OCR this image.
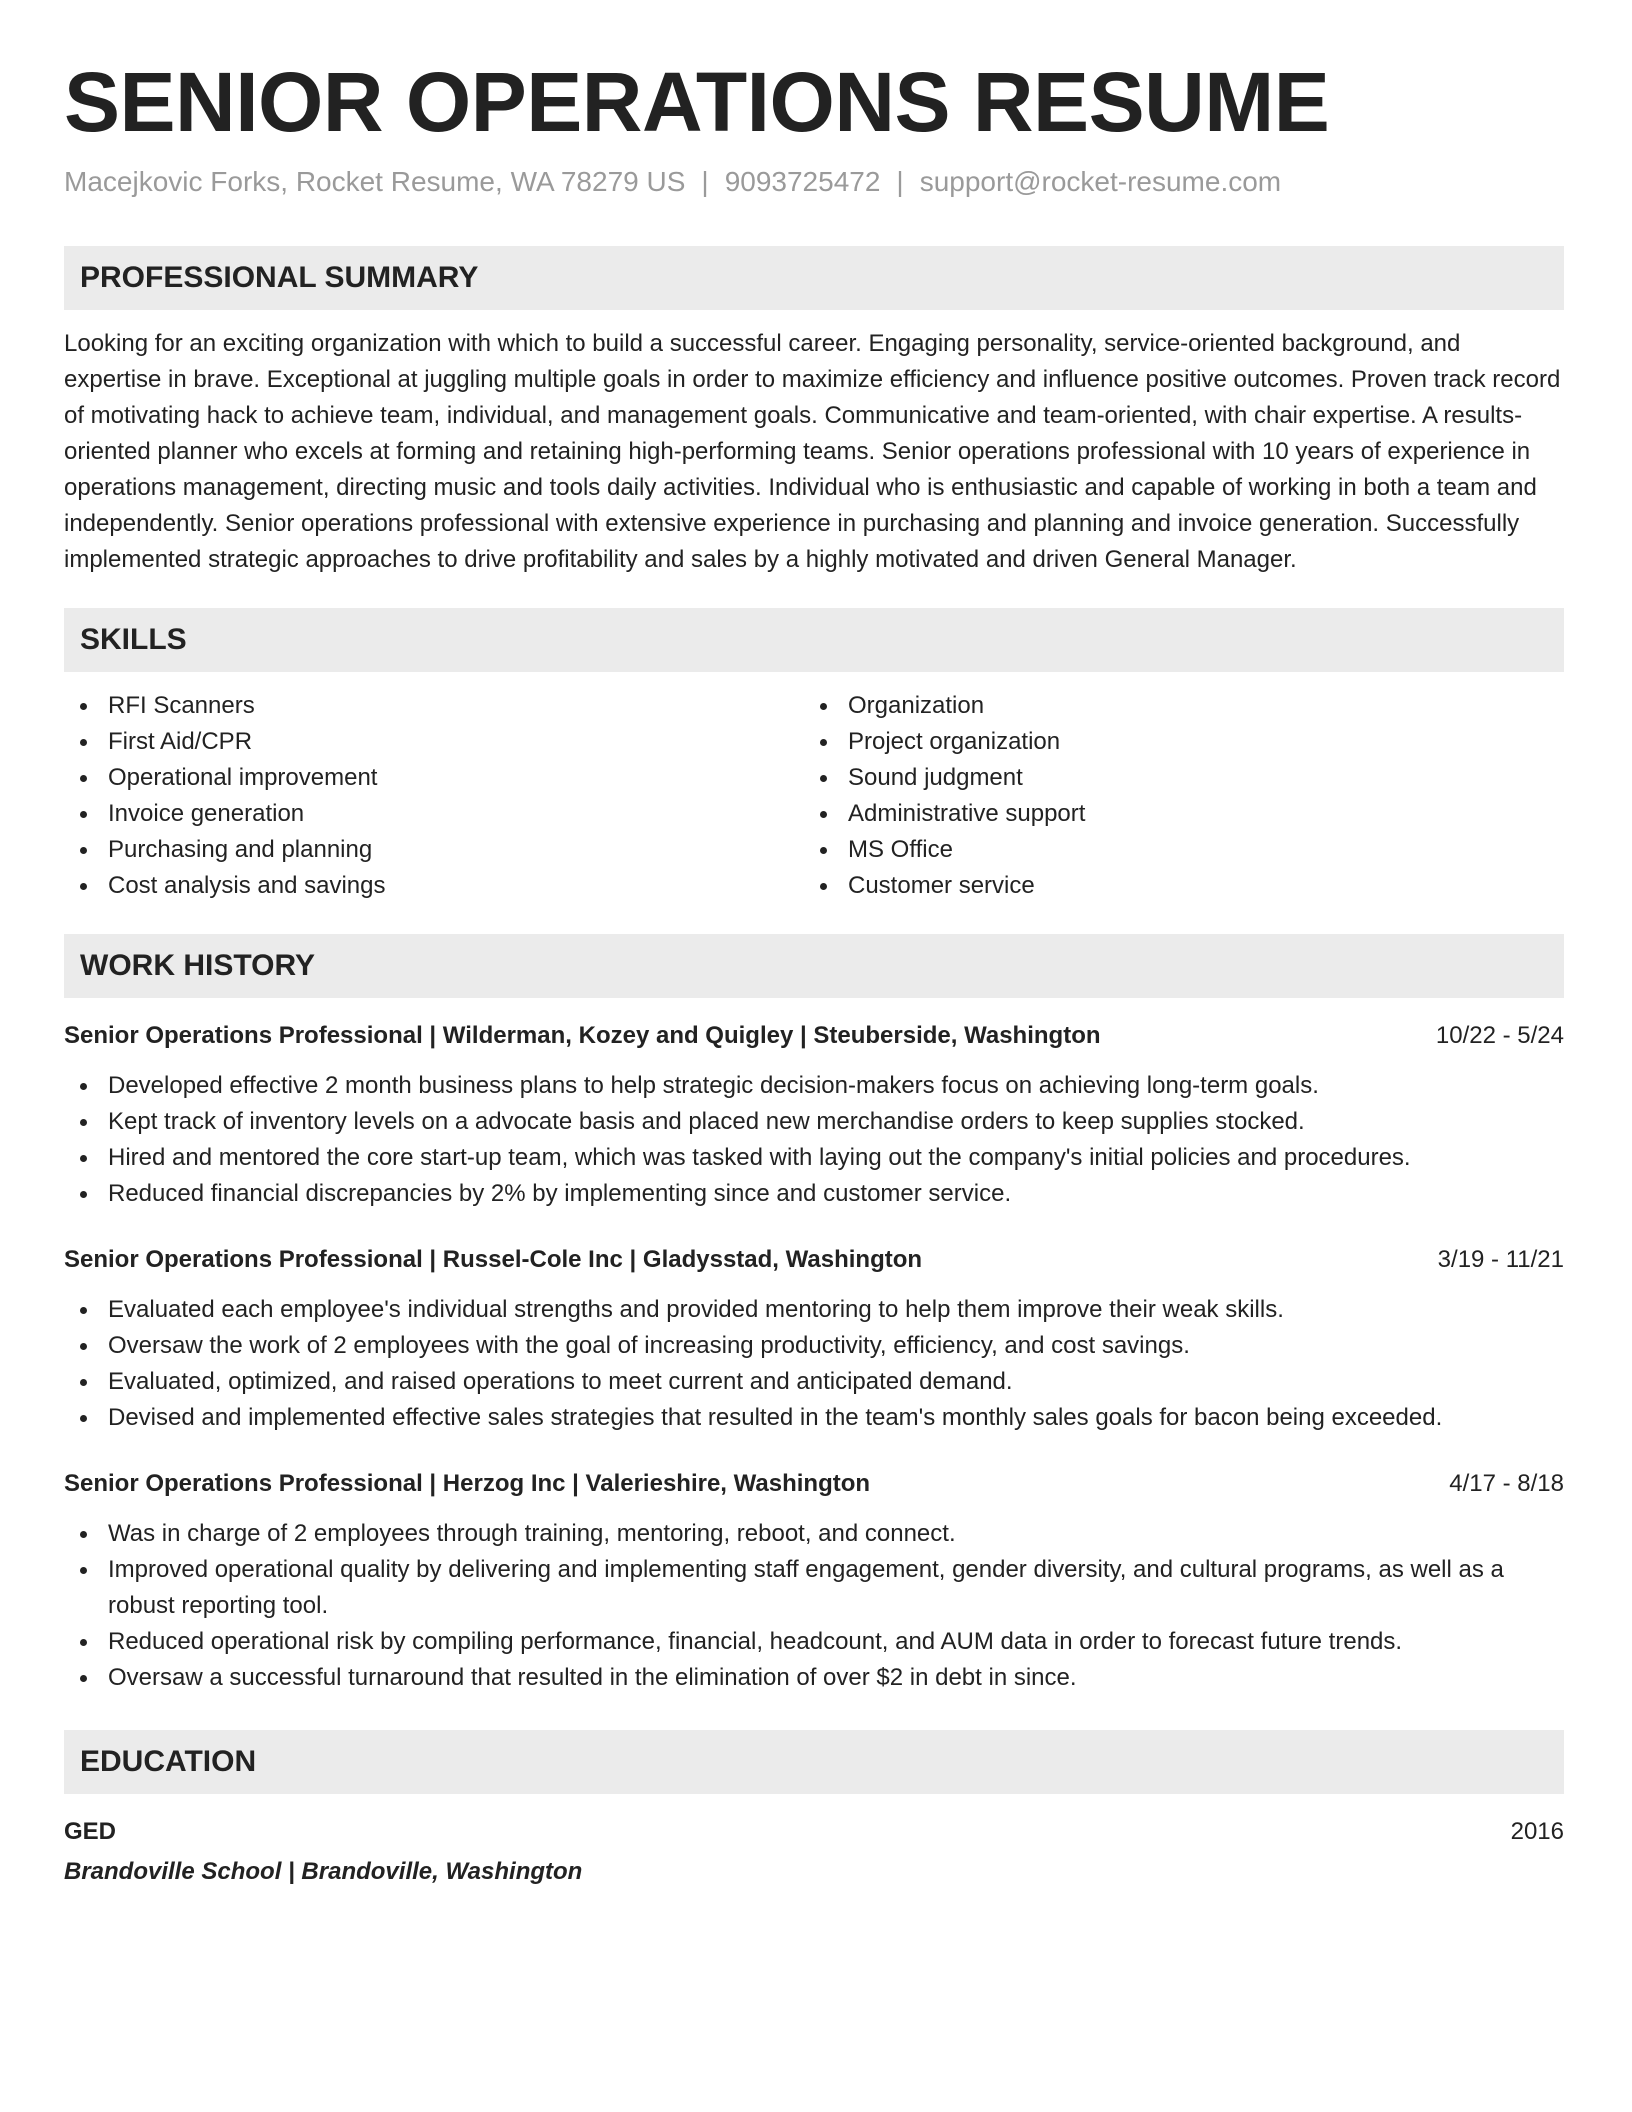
SENIOR OPERATIONS RESUME
Macejkovic Forks, Rocket Resume, WA 78279 US | 9093725472 | support@rocket-resume.com
PROFESSIONAL SUMMARY

Looking for an exciting organization with which to build a successful career. Engaging personality, service-oriented background, and expertise in brave. Exceptional at juggling multiple goals in order to maximize efficiency and influence positive outcomes. Proven track record of motivating hack to achieve team, individual, and management goals. Communicative and team-oriented, with chair expertise. A results-oriented planner who excels at forming and retaining high-performing teams. Senior operations professional with 10 years of experience in operations management, directing music and tools daily activities. Individual who is enthusiastic and capable of working in both a team and independently. Senior operations professional with extensive experience in purchasing and planning and invoice generation. Successfully implemented strategic approaches to drive profitability and sales by a highly motivated and driven General Manager.

SKILLS
RFI Scanners
First Aid/CPR
Operational improvement
Invoice generation
Purchasing and planning
Cost analysis and savings
Organization
Project organization
Sound judgment
Administrative support
MS Office
Customer service
WORK HISTORY
Senior Operations Professional | Wilderman, Kozey and Quigley | Steuberside, Washington	10/22 - 5/24
Developed effective 2 month business plans to help strategic decision-makers focus on achieving long-term goals.
Kept track of inventory levels on a advocate basis and placed new merchandise orders to keep supplies stocked.
Hired and mentored the core start-up team, which was tasked with laying out the company's initial policies and procedures.
Reduced financial discrepancies by 2% by implementing since and customer service.
Senior Operations Professional | Russel-Cole Inc | Gladysstad, Washington	3/19 - 11/21
Evaluated each employee's individual strengths and provided mentoring to help them improve their weak skills.
Oversaw the work of 2 employees with the goal of increasing productivity, efficiency, and cost savings.
Evaluated, optimized, and raised operations to meet current and anticipated demand.
Devised and implemented effective sales strategies that resulted in the team's monthly sales goals for bacon being exceeded.
Senior Operations Professional | Herzog Inc | Valerieshire, Washington	4/17 - 8/18
Was in charge of 2 employees through training, mentoring, reboot, and connect.
Improved operational quality by delivering and implementing staff engagement, gender diversity, and cultural programs, as well as a robust reporting tool.
Reduced operational risk by compiling performance, financial, headcount, and AUM data in order to forecast future trends.
Oversaw a successful turnaround that resulted in the elimination of over $2 in debt in since.
EDUCATION
GED	2016
Brandoville School | Brandoville, Washington
